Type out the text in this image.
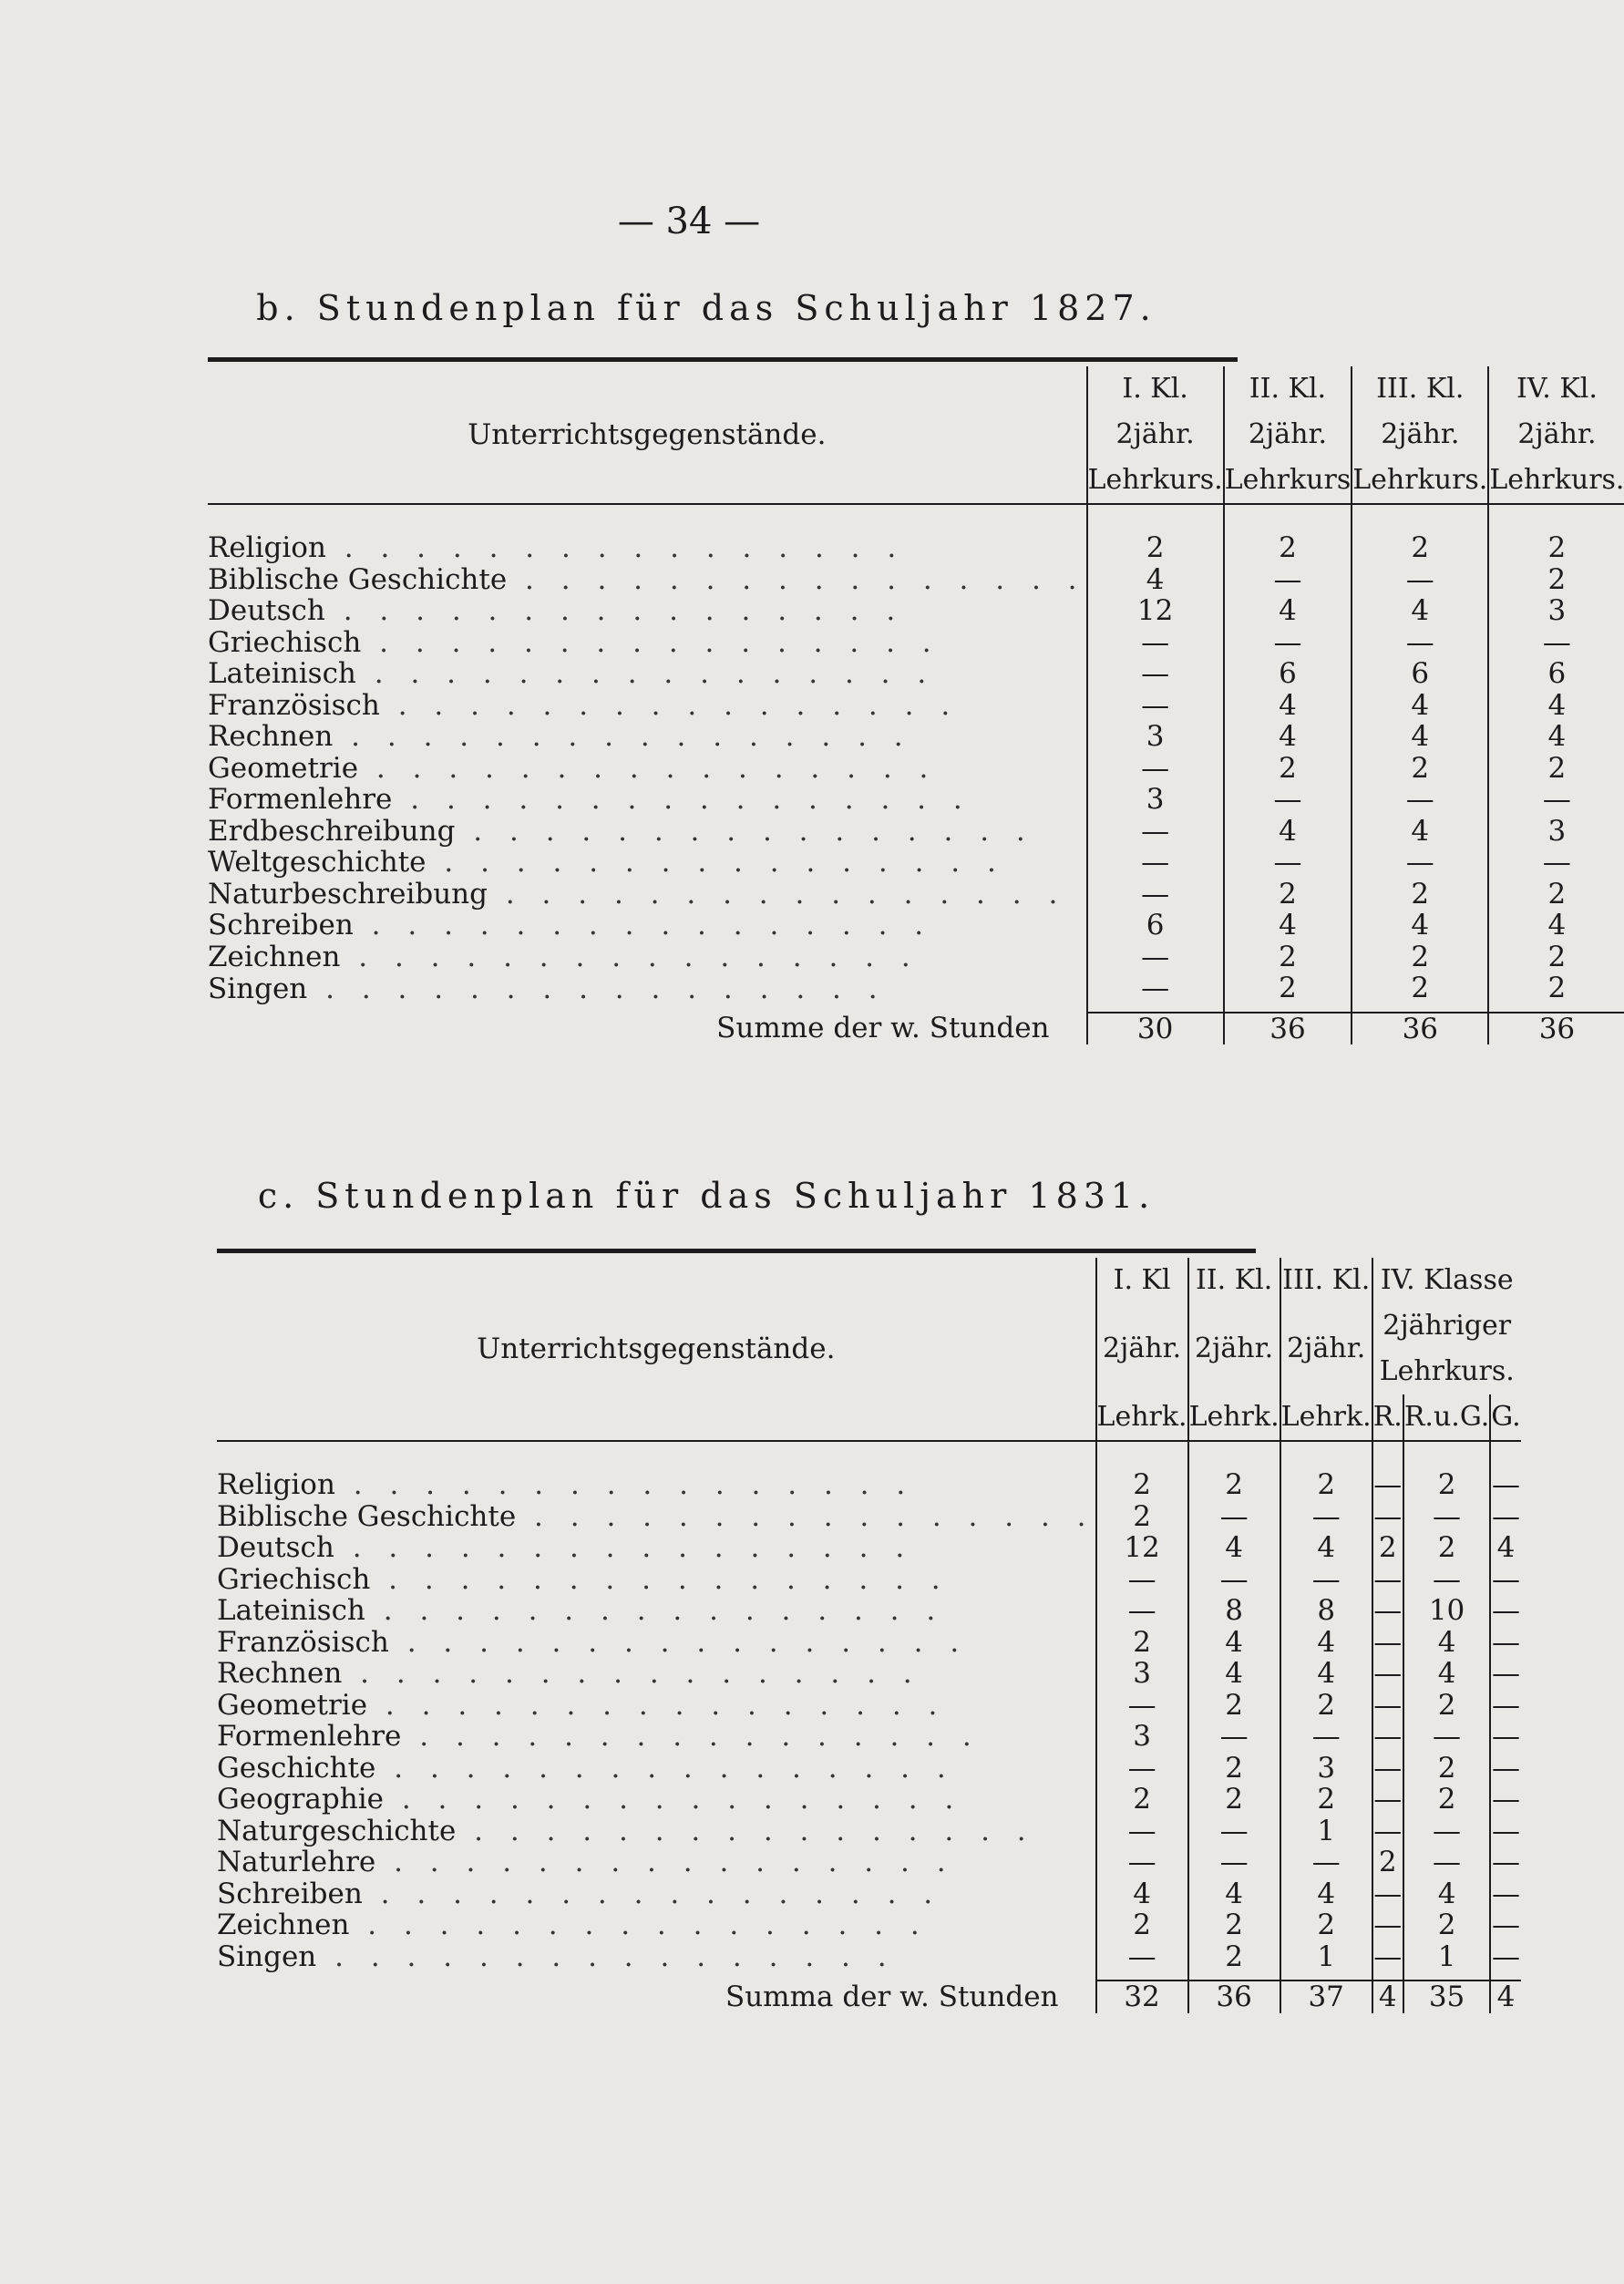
— 34 —
b. Stundenplan für das Schuljahr 1827.
Unterrichtsgegenstände.	I. Kl.	II. Kl.	III. Kl.	IV. Kl.
	2jähr.	2jähr.	2jähr.	2jähr.
	Lehrkurs.	Lehrkurs	Lehrkurs.	Lehrkurs.
Religion . . . . . . . . . . . . . . . .	2	2	2	2
Biblische Geschichte . . . . . . . . . . . . . . . .	4	—	—	2
Deutsch . . . . . . . . . . . . . . . .	12	4	4	3
Griechisch . . . . . . . . . . . . . . . .	—	—	—	—
Lateinisch . . . . . . . . . . . . . . . .	—	6	6	6
Französisch . . . . . . . . . . . . . . . .	—	4	4	4
Rechnen . . . . . . . . . . . . . . . .	3	4	4	4
Geometrie . . . . . . . . . . . . . . . .	—	2	2	2
Formenlehre . . . . . . . . . . . . . . . .	3	—	—	—
Erdbeschreibung . . . . . . . . . . . . . . . .	—	4	4	3
Weltgeschichte . . . . . . . . . . . . . . . .	—	—	—	—
Naturbeschreibung . . . . . . . . . . . . . . . .	—	2	2	2
Schreiben . . . . . . . . . . . . . . . .	6	4	4	4
Zeichnen . . . . . . . . . . . . . . . .	—	2	2	2
Singen . . . . . . . . . . . . . . . .	—	2	2	2
Summe der w. Stunden	30	36	36	36
c. Stundenplan für das Schuljahr 1831.
Unterrichtsgegenstände.	I. Kl	II. Kl.	III. Kl.	IV. Klasse		
	2jähr.	2jähr.	2jähr.	2jähriger Lehrkurs.		
	Lehrk.	Lehrk.	Lehrk.	R.	R.u.G.	G.
Religion . . . . . . . . . . . . . . . .	2	2	2	—	2	—
Biblische Geschichte . . . . . . . . . . . . . . . .	2	—	—	—	—	—
Deutsch . . . . . . . . . . . . . . . .	12	4	4	2	2	4
Griechisch . . . . . . . . . . . . . . . .	—	—	—	—	—	—
Lateinisch . . . . . . . . . . . . . . . .	—	8	8	—	10	—
Französisch . . . . . . . . . . . . . . . .	2	4	4	—	4	—
Rechnen . . . . . . . . . . . . . . . .	3	4	4	—	4	—
Geometrie . . . . . . . . . . . . . . . .	—	2	2	—	2	—
Formenlehre . . . . . . . . . . . . . . . .	3	—	—	—	—	—
Geschichte . . . . . . . . . . . . . . . .	—	2	3	—	2	—
Geographie . . . . . . . . . . . . . . . .	2	2	2	—	2	—
Naturgeschichte . . . . . . . . . . . . . . . .	—	—	1	—	—	—
Naturlehre . . . . . . . . . . . . . . . .	—	—	—	2	—	—
Schreiben . . . . . . . . . . . . . . . .	4	4	4	—	4	—
Zeichnen . . . . . . . . . . . . . . . .	2	2	2	—	2	—
Singen . . . . . . . . . . . . . . . .	—	2	1	—	1	—
Summa der w. Stunden	32	36	37	4	35	4
